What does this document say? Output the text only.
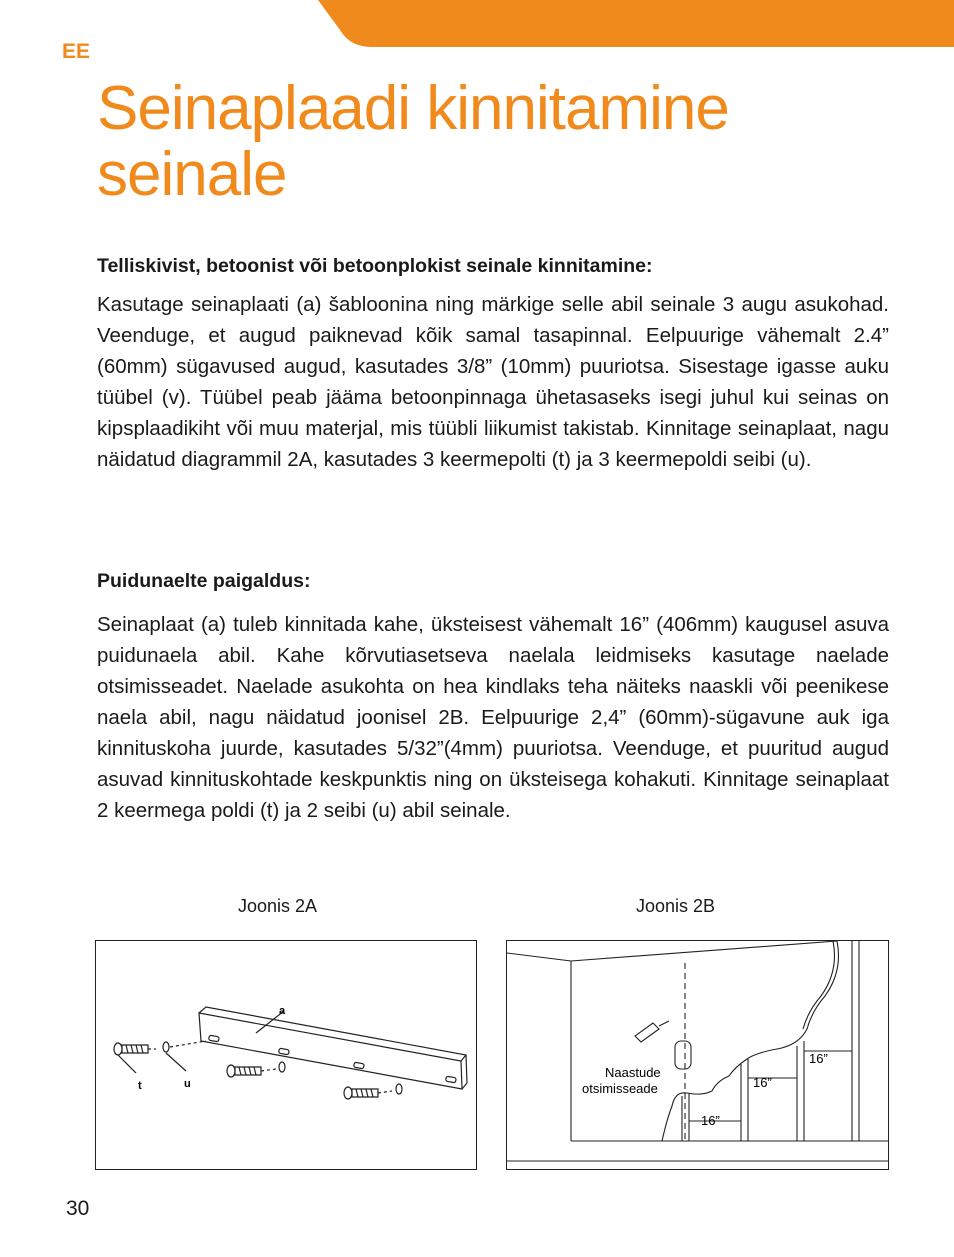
EE
Seinaplaadi kinnitamine
seinale
Telliskivist, betoonist või betoonplokist seinale kinnitamine:

Kasutage seinaplaati (a) šabloonina ning märkige selle abil seinale 3 augu asukohad. Veenduge, et augud paiknevad kõik samal tasapinnal. Eelpuurige vähemalt 2.4” (60mm) sügavused augud, kasutades 3/8” (10mm) puuriotsa. Sisestage igasse auku tüübel (v). Tüübel peab jääma betoonpinnaga ühetasaseks isegi juhul kui seinas on kipsplaadikiht või muu materjal, mis tüübli liikumist takistab. Kinnitage seinaplaat, nagu näidatud diagrammil 2A, kasutades 3 keermepolti (t) ja 3 keermepoldi seibi (u).

Puidunaelte paigaldus:

Seinaplaat (a) tuleb kinnitada kahe, üksteisest vähemalt 16” (406mm) kaugusel asuva puidunaela abil. Kahe kõrvutiasetseva naelala leidmiseks kasutage naelade otsimisseadet. Naelade asukohta on hea kindlaks teha näiteks naaskli või peenikese naela abil, nagu näidatud joonisel 2B. Eelpuurige 2,4” (60mm)-sügavune auk iga kinnituskoha juurde, kasutades 5/32”(4mm) puuriotsa. Veenduge, et puuritud augud asuvad kinnituskohtade keskpunktis ning on üksteisega kohakuti. Kinnitage seinaplaat 2 keermega poldi (t) ja 2 seibi (u) abil seinale.

Joonis 2A	Joonis 2B
a
t	u
Naastude
otsimisseade
16”
16”
16”
30
